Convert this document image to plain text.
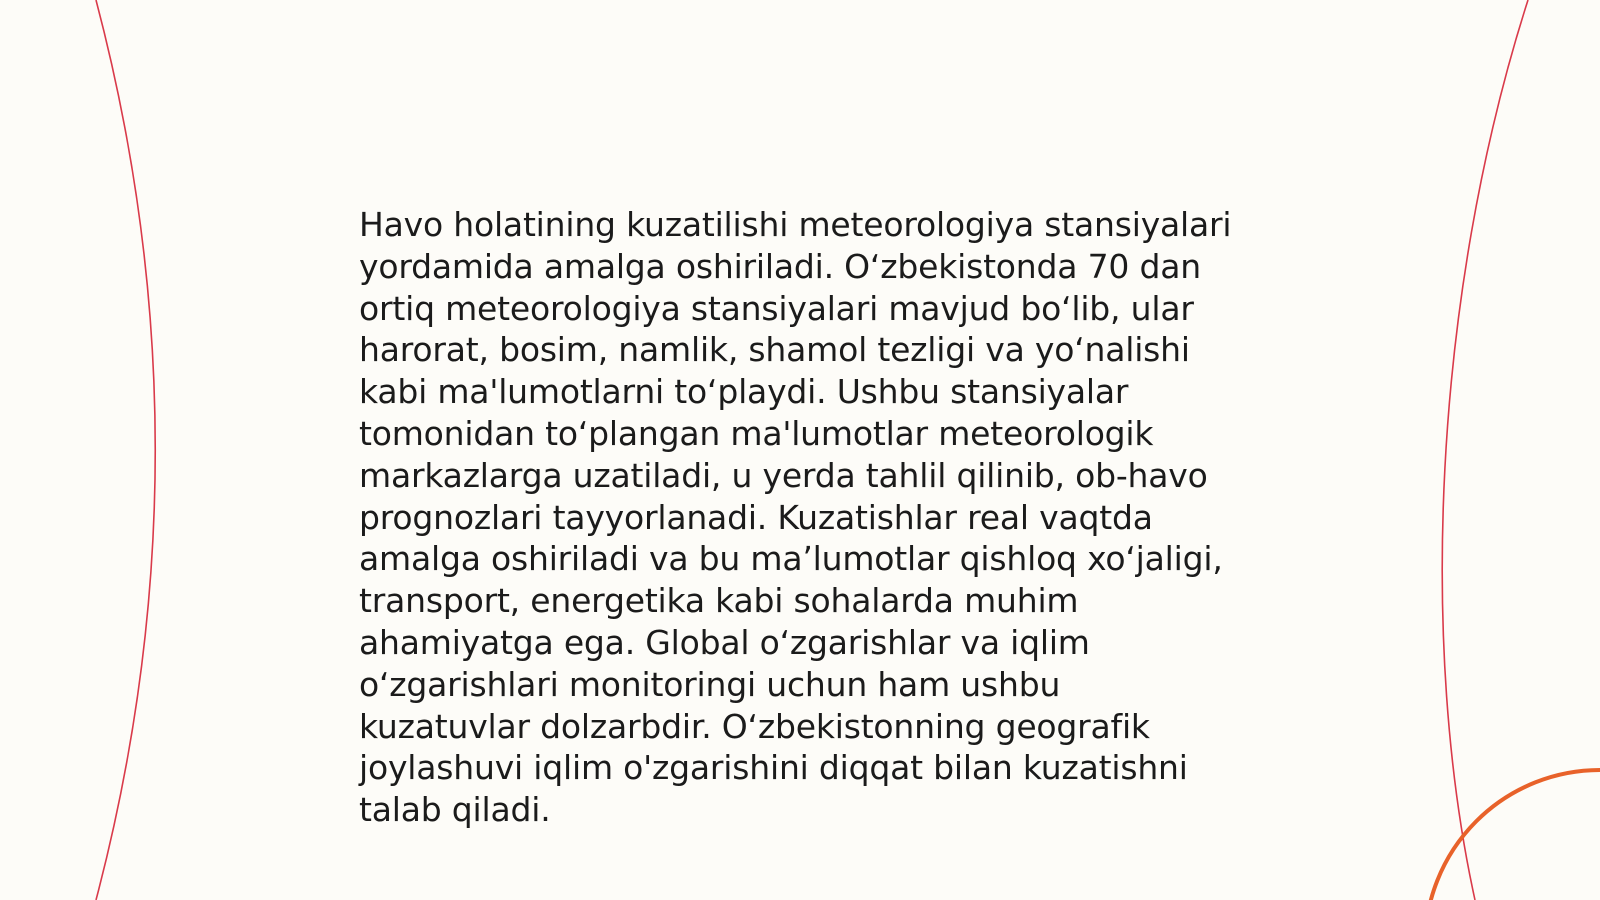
Havo holatining kuzatilishi meteorologiya stansiyalari
yordamida amalga oshiriladi. O‘zbekistonda 70 dan
ortiq meteorologiya stansiyalari mavjud bo‘lib, ular
harorat, bosim, namlik, shamol tezligi va yo‘nalishi
kabi ma'lumotlarni to‘playdi. Ushbu stansiyalar
tomonidan to‘plangan ma'lumotlar meteorologik
markazlarga uzatiladi, u yerda tahlil qilinib, ob-havo
prognozlari tayyorlanadi. Kuzatishlar real vaqtda
amalga oshiriladi va bu ma’lumotlar qishloq xo‘jaligi,
transport, energetika kabi sohalarda muhim
ahamiyatga ega. Global o‘zgarishlar va iqlim
o‘zgarishlari monitoringi uchun ham ushbu
kuzatuvlar dolzarbdir. O‘zbekistonning geografik
joylashuvi iqlim o'zgarishini diqqat bilan kuzatishni
talab qiladi.
